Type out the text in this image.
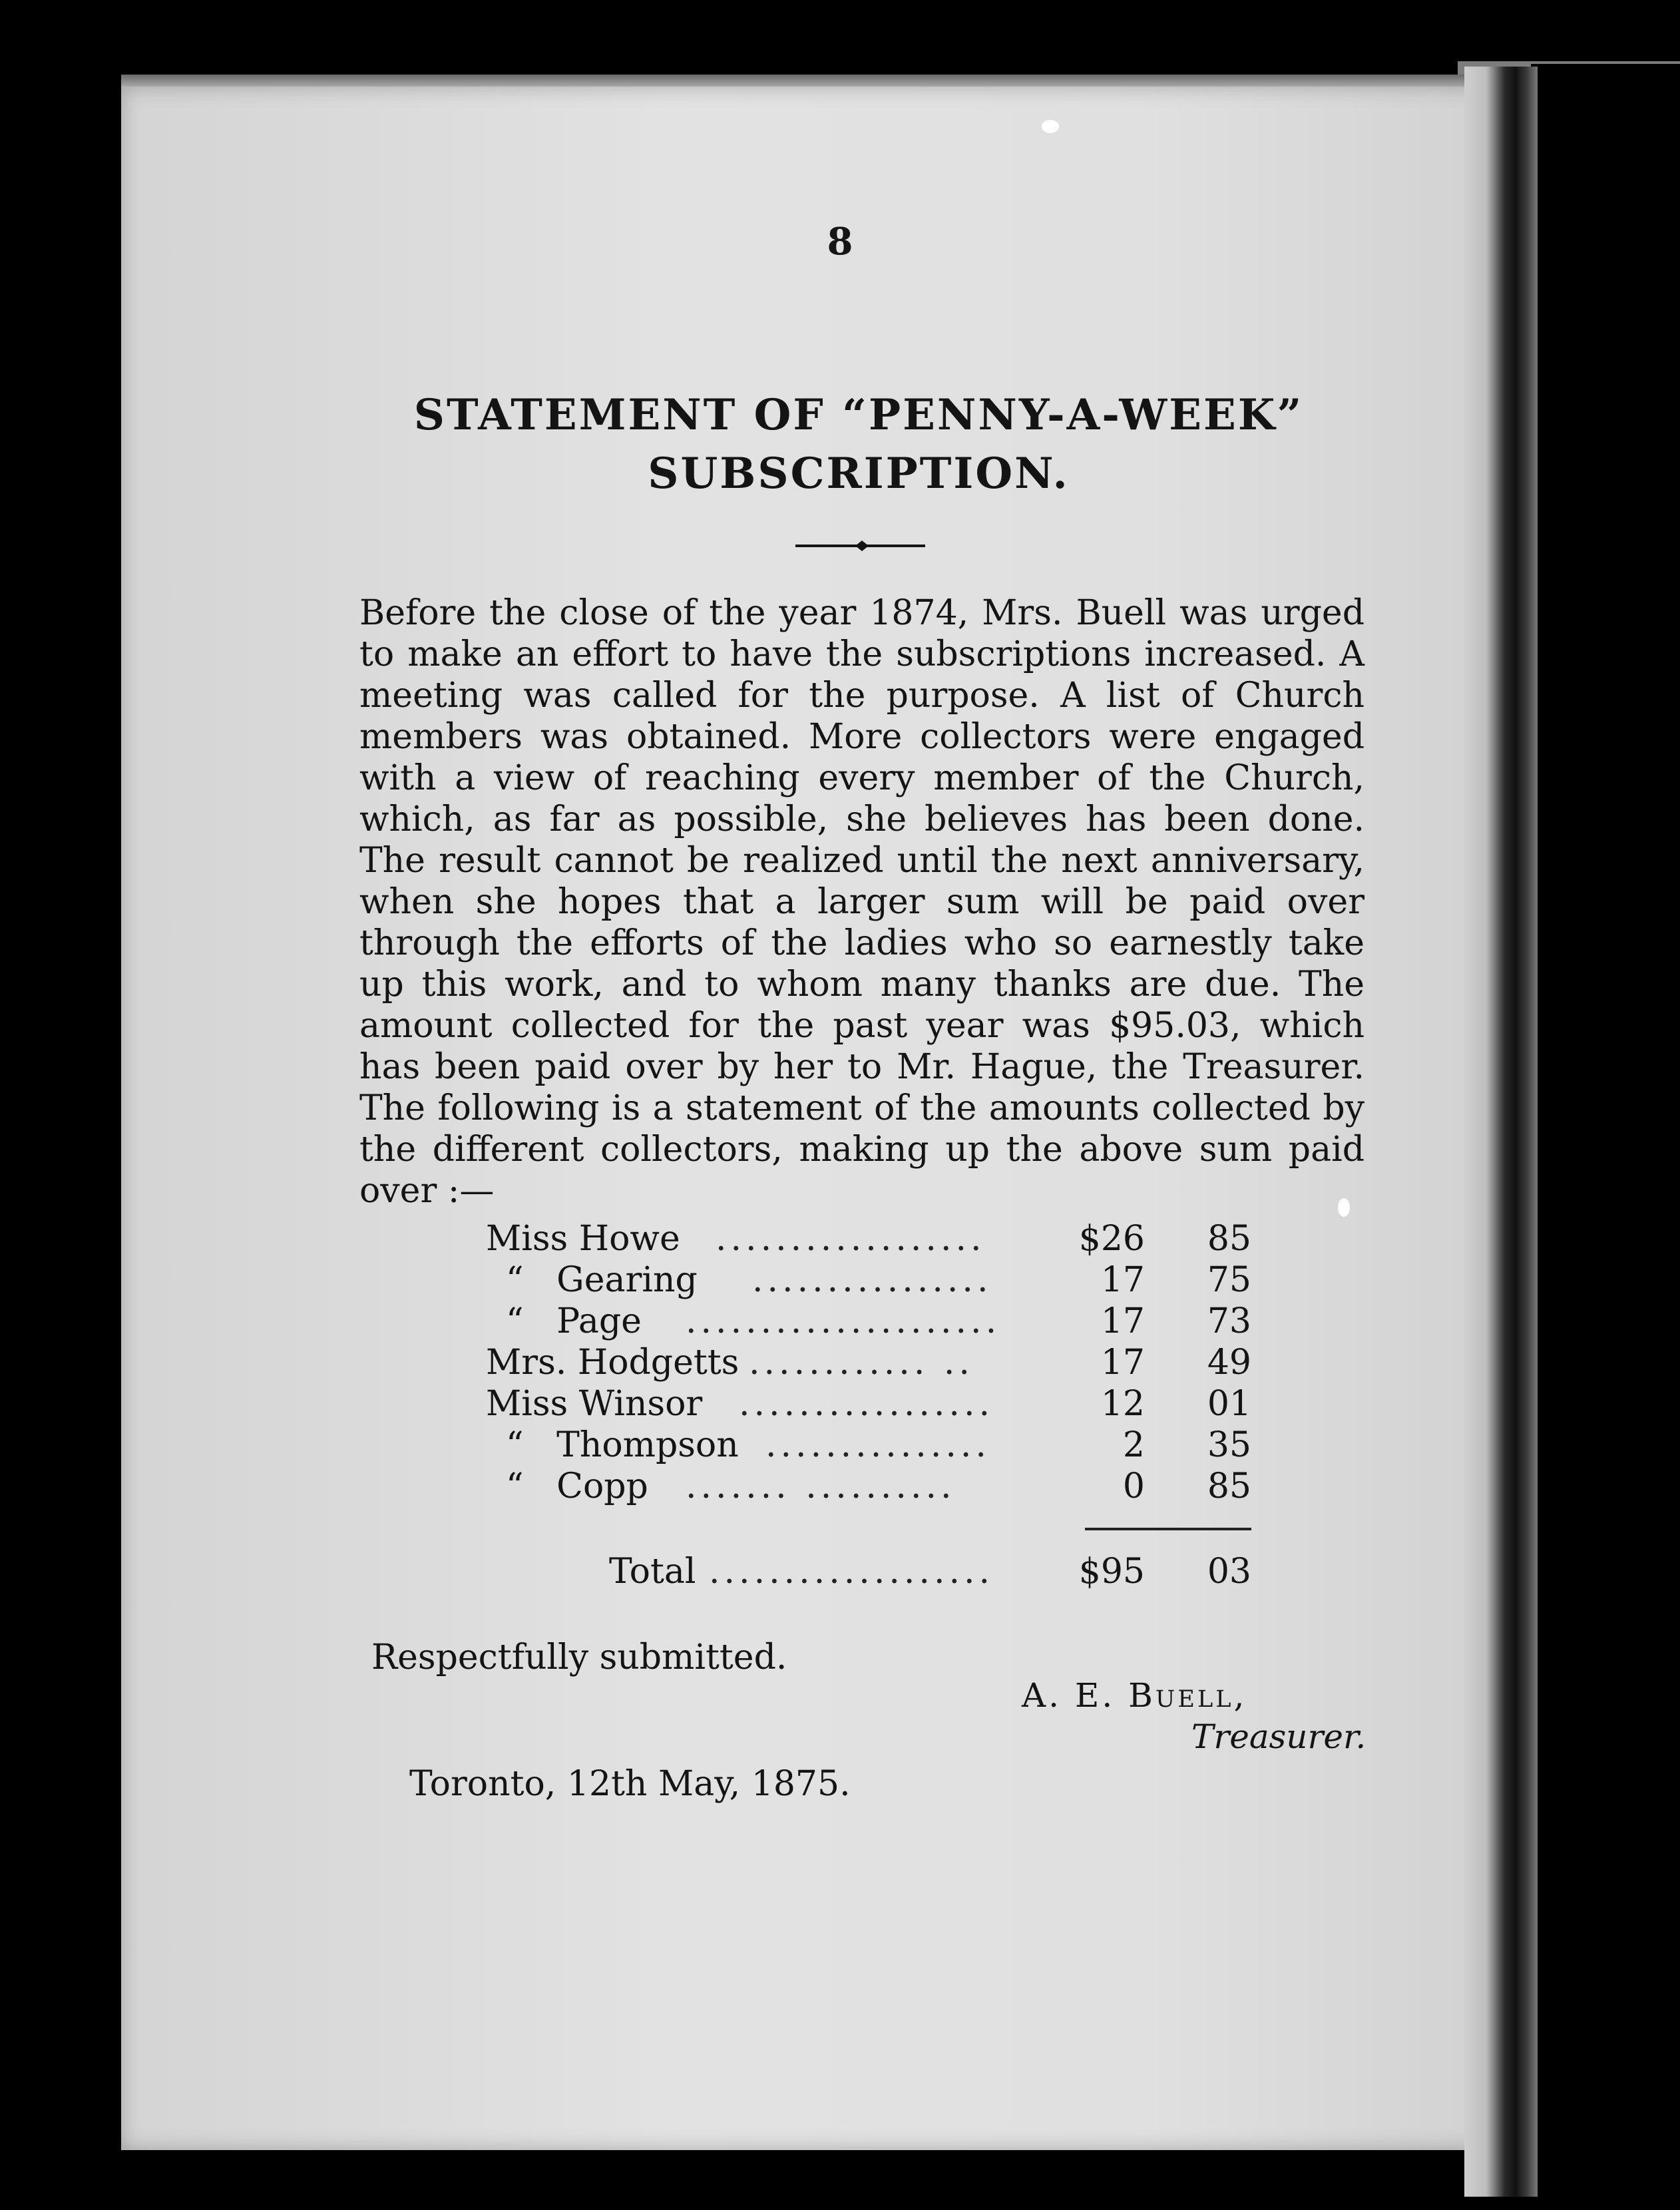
8
STATEMENT OF “PENNY-A-WEEK”
SUBSCRIPTION.
Before the close of the year 1874, Mrs. Buell was urged to make an effort to have the subscriptions increased. A meeting was called for the purpose. A list of Church members was obtained. More collectors were engaged with a view of reaching every member of the Church, which, as far as possible, she believes has been done. The result cannot be realized until the next anniversary, when she hopes that a larger sum will be paid over through the efforts of the ladies who so earnestly take up this work, and to whom many thanks are due. The amount collected for the past year was $95.03, which has been paid over by her to Mr. Hague, the Treasurer. The following is a statement of the amounts collected by the different collectors, making up the above sum paid over :—
Miss Howe ..................	$26 85
“   Gearing ................	17 75
“   Page .....................	17 73
Mrs. Hodgetts ............ ..	17 49
Miss Winsor .................	12 01
“   Thompson ...............	2 35
“   Copp ....... ..........	0 85
Total ...................	$95 03
Respectfully submitted.
A. E. Buell,
Treasurer.
Toronto, 12th May, 1875.
